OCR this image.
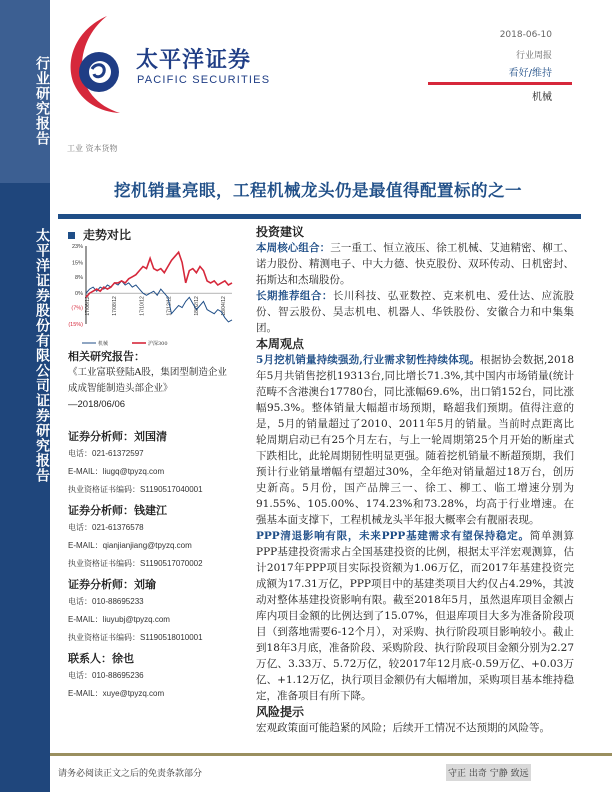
行业研究报告
太平洋证券股份有限公司证券研究报告
太平洋证券
PACIFIC SECURITIES
2018-06-10
行业周报
看好/维持
机械
工业 资本货物
挖机销量亮眼，工程机械龙头仍是最值得配置标的之一
走势对比
23%
15%
8%
0%
(7%)
(15%)
17/06/12	17/08/12	17/10/12	17/12/12	18/02/12	18/04/12
机械	沪深300
相关研究报告：
《工业富联登陆A股，集团型制造企业成成智能制造头部企业》
—2018/06/06
证券分析师：刘国清
电话：021-61372597
E-MAIL：liugq@tpyzq.com
执业资格证书编码：S1190517040001
证券分析师：钱建江
电话：021-61376578
E-MAIL：qianjianjiang@tpyzq.com
执业资格证书编码：S1190517070002
证券分析师：刘瑜
电话：010-88695233
E-MAIL：liuyubj@tpyzq.com
执业资格证书编码：S1190518010001
联系人：徐也
电话：010-88695236
E-MAIL：xuye@tpyzq.com
投资建议

本周核心组合：三一重工、恒立液压、徐工机械、艾迪精密、柳工、诺力股份、精测电子、中大力德、快克股份、双环传动、日机密封、拓斯达和杰瑞股份。

长期推荐组合：长川科技、弘亚数控、克来机电、爱仕达、应流股份、智云股份、昊志机电、机器人、华铁股份、安徽合力和中集集团。

本周观点

5月挖机销量持续强劲,行业需求韧性持续体现。根据协会数据,2018年5月共销售挖机19313台,同比增长71.3%,其中国内市场销量(统计范畴不含港澳台17780台，同比涨幅69.6%，出口销152台，同比涨幅95.3%。整体销量大幅超市场预期，略超我们预期。值得注意的是，5月的销量超过了2010、2011年5月的销量。当前时点距离比轮周期启动已有25个月左右，与上一轮周期第25个月开始的断崖式下跌相比，此轮周期韧性明显更强。随着挖机销量不断超预期，我们预计行业销量增幅有望超过30%，全年绝对销量超过18万台，创历史新高。5月份，国产品牌三一、徐工、柳工、临工增速分别为91.55%、105.00%、174.23%和73.28%，均高于行业增速。在强基本面支撑下，工程机械龙头半年报大概率会有靓丽表现。

PPP清退影响有限，未来PPP基建需求有望保持稳定。简单测算PPP基建投资需求占全国基建投资的比例，根据太平洋宏观测算，估计2017年PPP项目实际投资额为1.06万亿，而2017年基建投资完成额为17.31万亿，PPP项目中的基建类项目大约仅占4.29%，其波动对整体基建投资影响有限。截至2018年5月，虽然退库项目金额占库内项目金额的比例达到了15.07%，但退库项目大多为准备阶段项目（到落地需要6-12个月），对采购、执行阶段项目影响较小。截止到18年3月底，准备阶段、采购阶段、执行阶段项目金额分别为2.27万亿、3.33万、5.72万亿，较2017年12月底-0.59万亿、+0.03万亿、+1.12万亿，执行项目金额仍有大幅增加，采购项目基本维持稳定，准备项目有所下降。

风险提示

宏观政策面可能趋紧的风险；后续开工情况不达预期的风险等。

请务必阅读正文之后的免责条款部分	守正 出奇 宁静 致远
